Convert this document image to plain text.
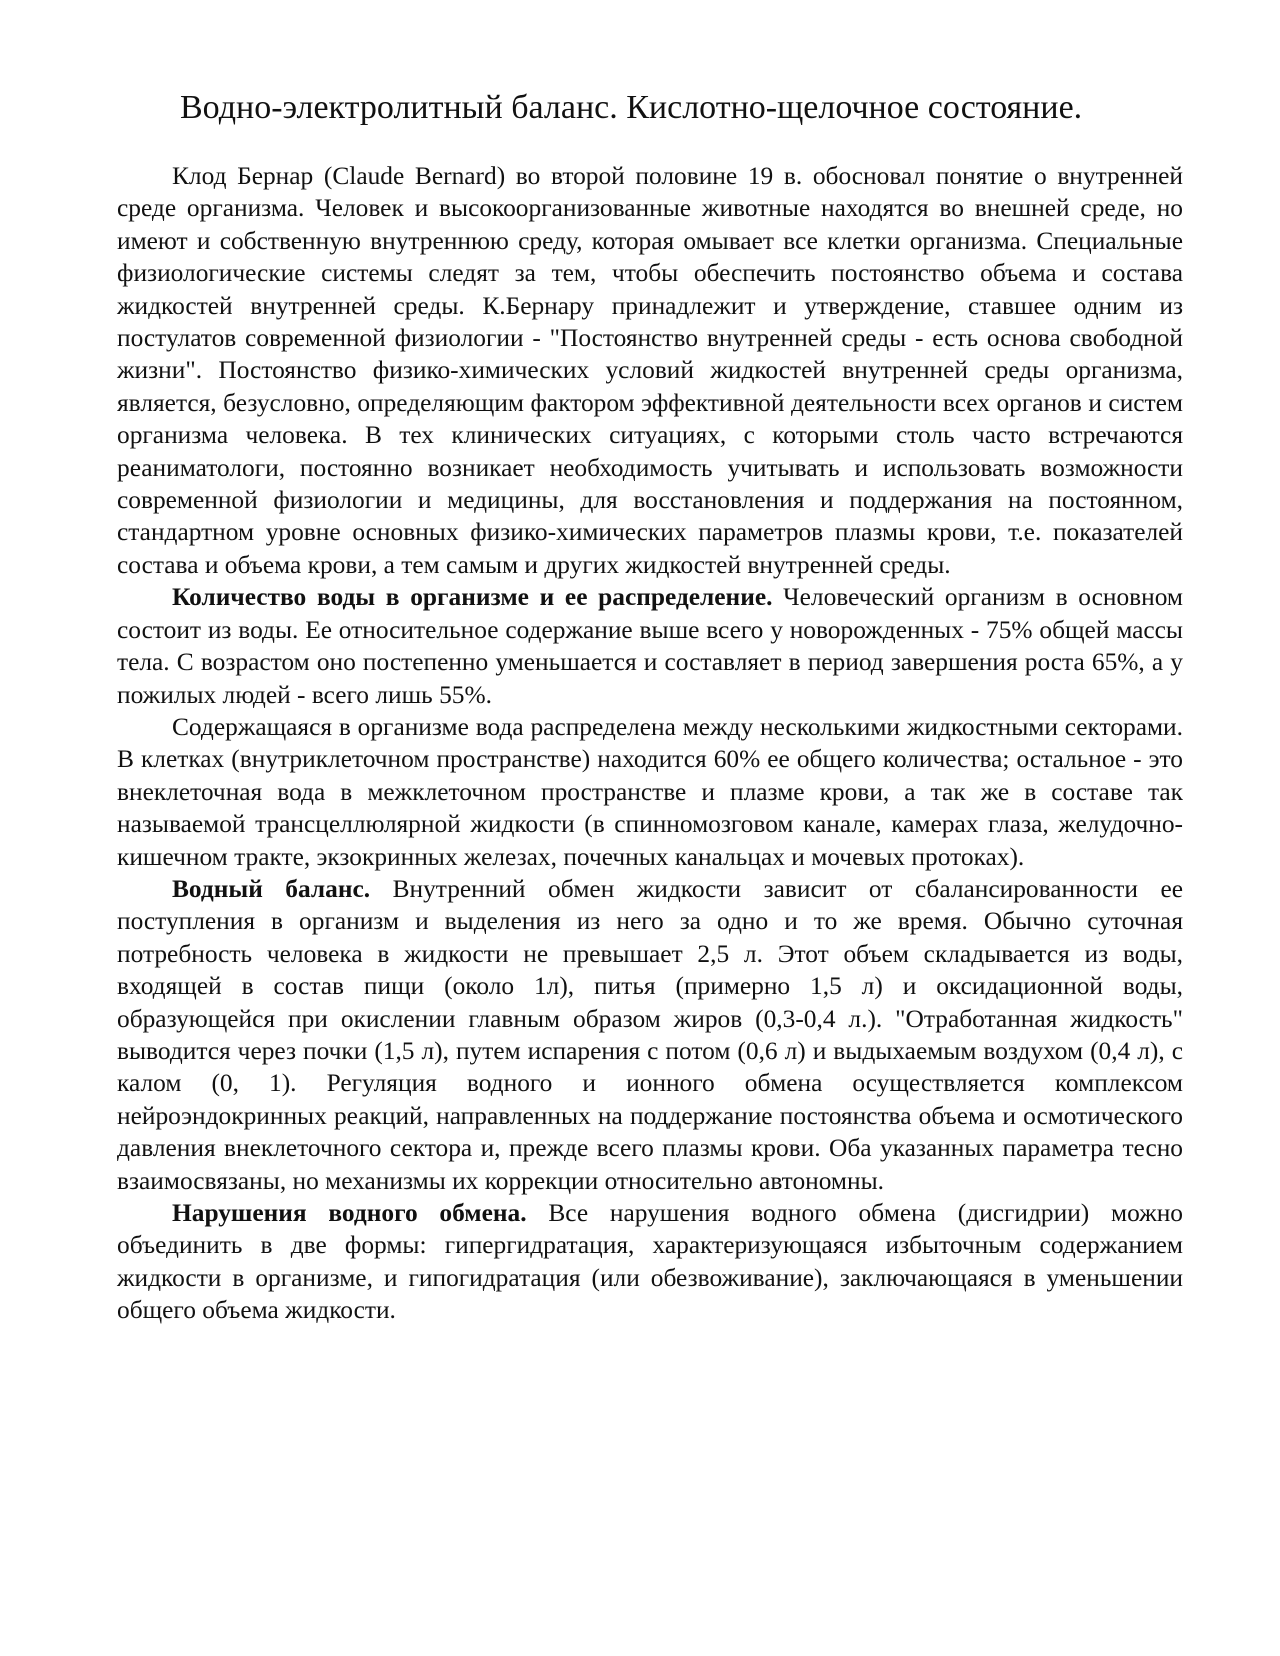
Водно-электролитный баланс. Кислотно-щелочное состояние.

Клод Бернар (Claude Bernard) во второй половине 19 в. обосновал понятие о внутренней среде организма. Человек и высокоорганизованные животные находятся во внешней среде, но имеют и собственную внутреннюю среду, которая омывает все клетки организма. Специальные физиологические системы следят за тем, чтобы обеспечить постоянство объема и состава жидкостей внутренней среды. К.Бернару принадлежит и утверждение, ставшее одним из постулатов современной физиологии - "Постоянство внутренней среды - есть основа свободной жизни". Постоянство физико-химических условий жидкостей внутренней среды организма, является, безусловно, определяющим фактором эффективной деятельности всех органов и систем организма человека. В тех клинических ситуациях, с которыми столь часто встречаются реаниматологи, постоянно возникает необходимость учитывать и использовать возможности современной физиологии и медицины, для восстановления и поддержания на постоянном, стандартном уровне основных физико-химических параметров плазмы крови, т.е. показателей состава и объема крови, а тем самым и других жидкостей внутренней среды.

Количество воды в организме и ее распределение. Человеческий организм в основном состоит из воды. Ее относительное содержание выше всего у новорожденных - 75% общей массы тела. С возрастом оно постепенно уменьшается и составляет в период завершения роста 65%, а у пожилых людей - всего лишь 55%.

Содержащаяся в организме вода распределена между несколькими жидкостными секторами. В клетках (внутриклеточном пространстве) находится 60% ее общего количества; остальное - это внеклеточная вода в межклеточном пространстве и плазме крови, а так же в составе так называемой трансцеллюлярной жидкости (в спинномозговом канале, камерах глаза, желудочно-кишечном тракте, экзокринных железах, почечных канальцах и мочевых протоках).

Водный баланс. Внутренний обмен жидкости зависит от сбалансированности ее поступления в организм и выделения из него за одно и то же время. Обычно суточная потребность человека в жидкости не превышает 2,5 л. Этот объем складывается из воды, входящей в состав пищи (около 1л), питья (примерно 1,5 л) и оксидационной воды, образующейся при окислении главным образом жиров (0,3-0,4 л.). "Отработанная жидкость" выводится через почки (1,5 л), путем испарения с потом (0,6 л) и выдыхаемым воздухом (0,4 л), с калом (0, 1). Регуляция водного и ионного обмена осуществляется комплексом нейроэндокринных реакций, направленных на поддержание постоянства объема и осмотического давления внеклеточного сектора и, прежде всего плазмы крови. Оба указанных параметра тесно взаимосвязаны, но механизмы их коррекции относительно автономны.

Нарушения водного обмена. Все нарушения водного обмена (дисгидрии) можно объединить в две формы: гипергидратация, характеризующаяся избыточным содержанием жидкости в организме, и гипогидратация (или обезвоживание), заключающаяся в уменьшении общего объема жидкости.
